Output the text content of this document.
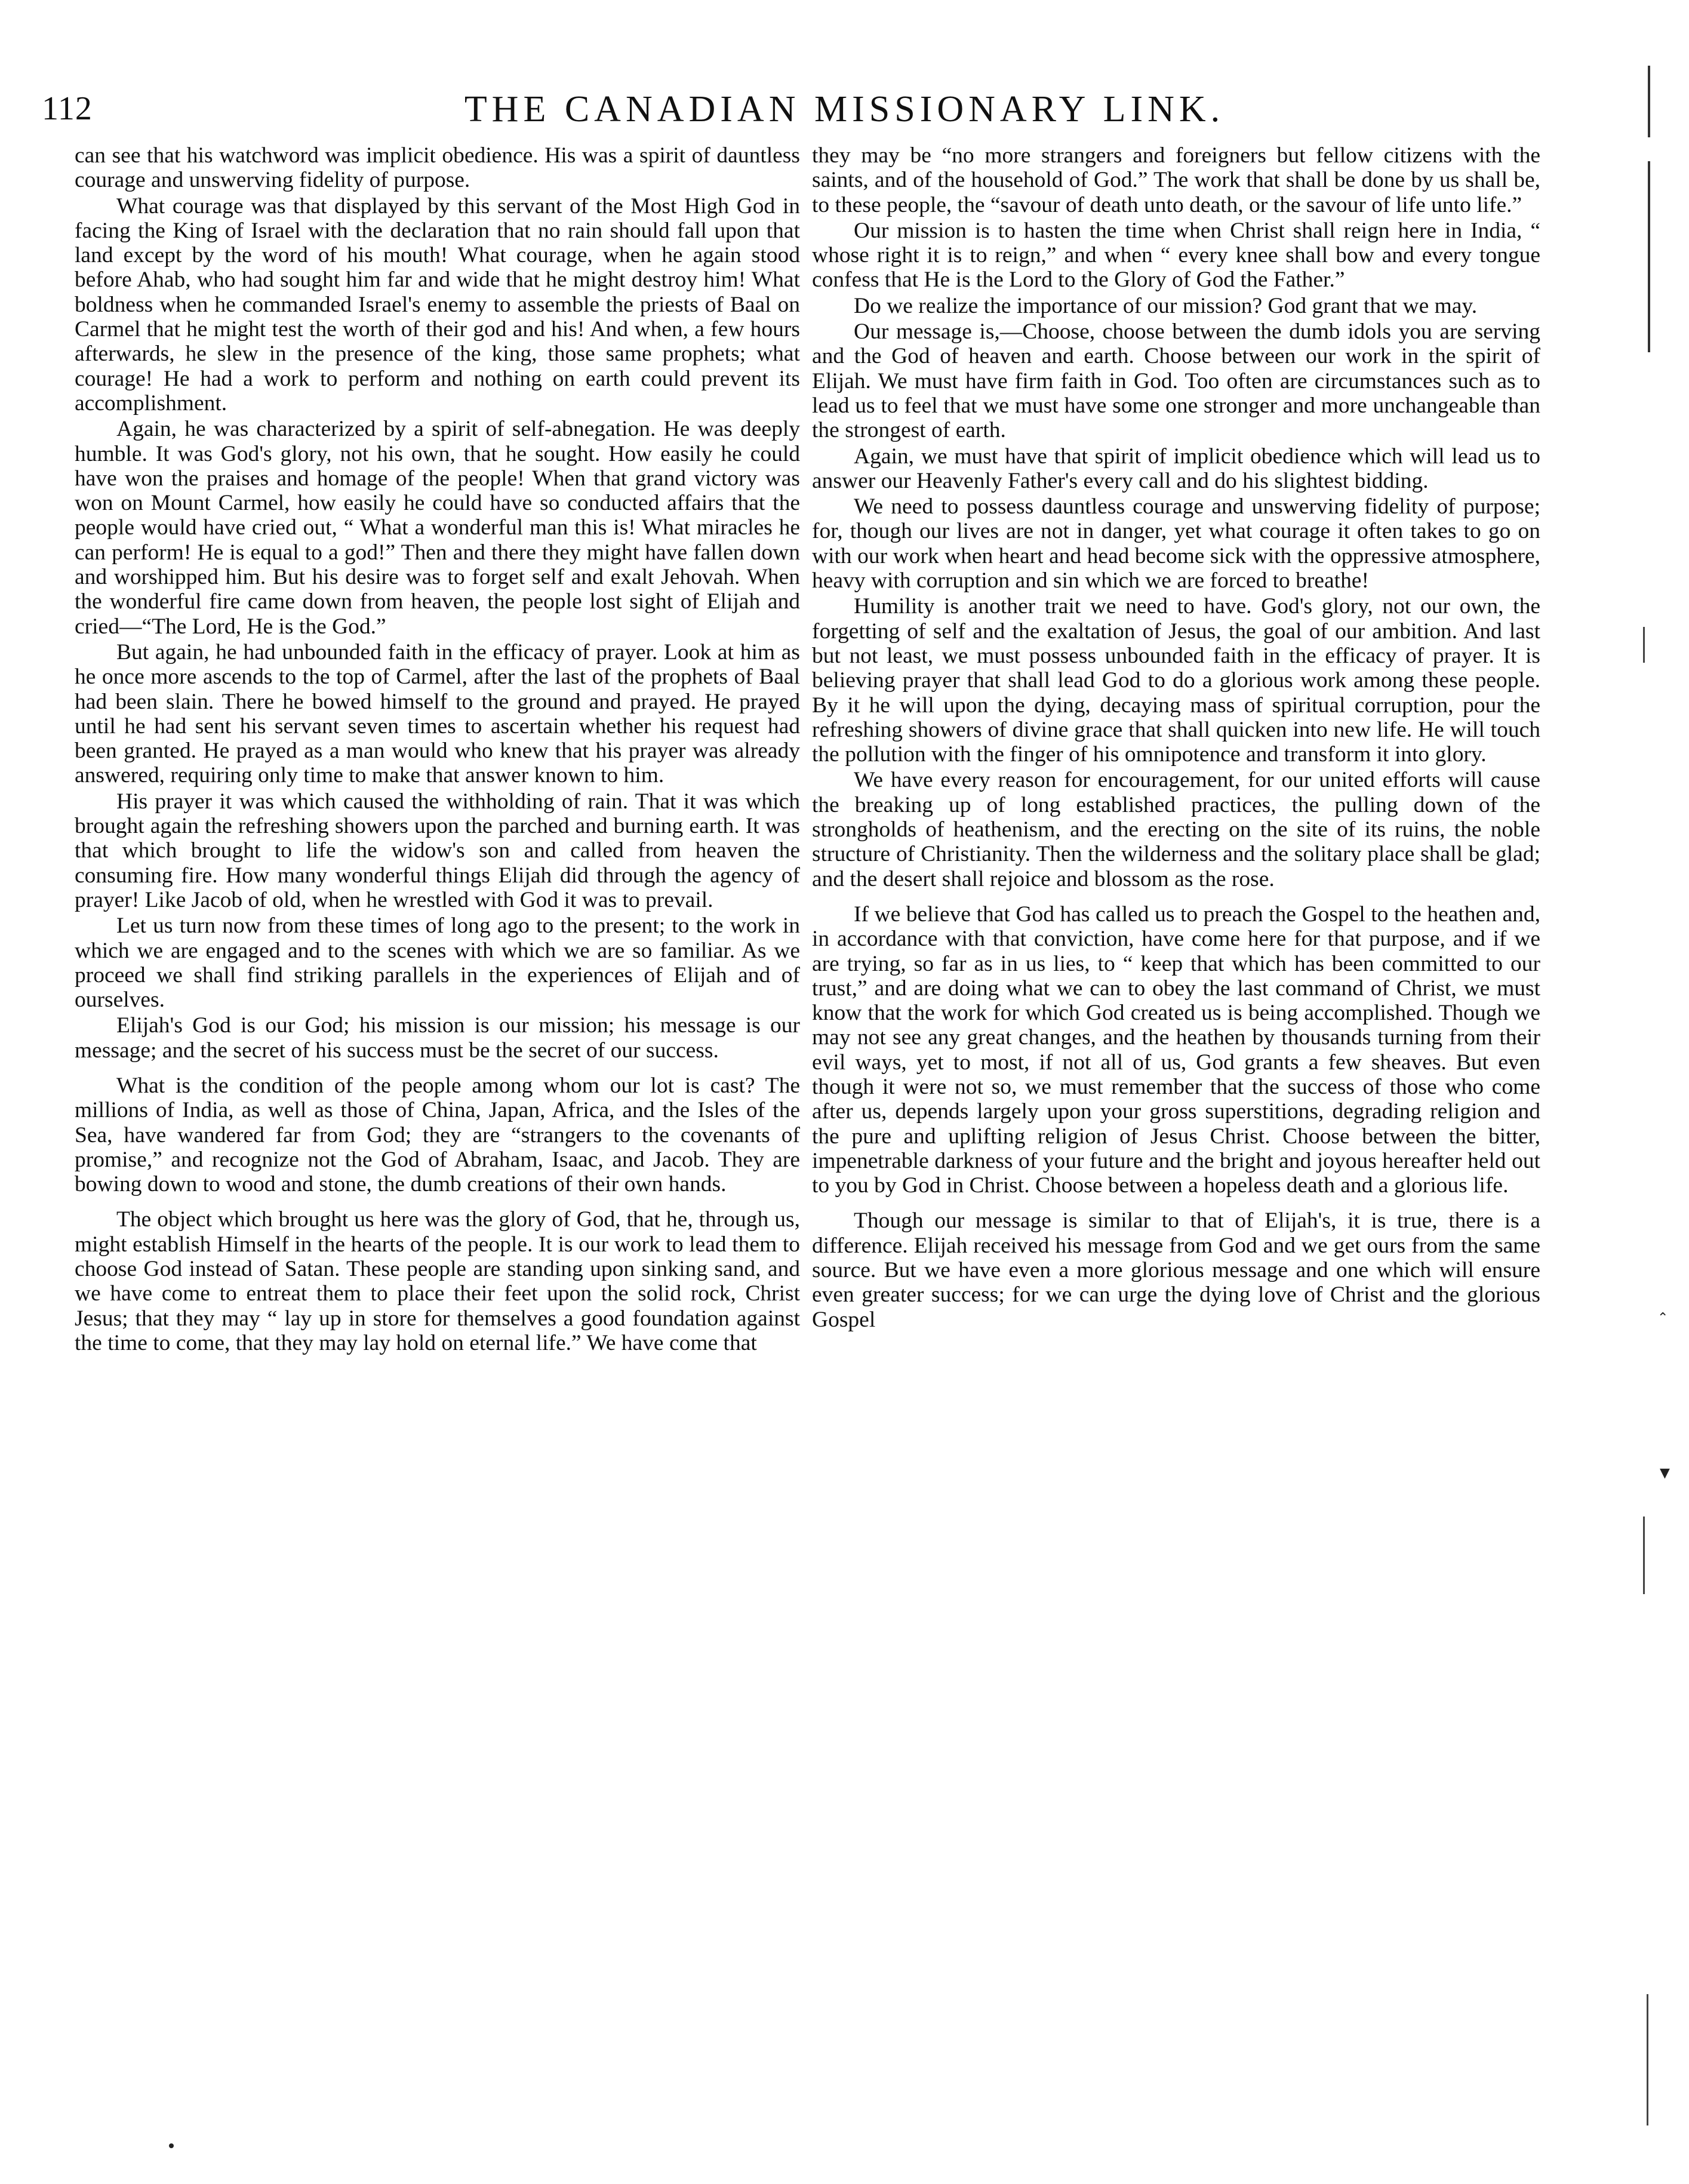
112	THE CANADIAN MISSIONARY LINK.

can see that his watchword was implicit obedience. His was a spirit of dauntless courage and unswerving fidelity of purpose.

What courage was that displayed by this servant of the Most High God in facing the King of Israel with the declaration that no rain should fall upon that land except by the word of his mouth! What courage, when he again stood before Ahab, who had sought him far and wide that he might destroy him! What boldness when he commanded Israel's enemy to assemble the priests of Baal on Carmel that he might test the worth of their god and his! And when, a few hours afterwards, he slew in the presence of the king, those same prophets; what courage! He had a work to perform and nothing on earth could prevent its accomplishment.

Again, he was characterized by a spirit of self-abnegation. He was deeply humble. It was God's glory, not his own, that he sought. How easily he could have won the praises and homage of the people! When that grand victory was won on Mount Carmel, how easily he could have so conducted affairs that the people would have cried out, “ What a wonderful man this is! What miracles he can perform! He is equal to a god!” Then and there they might have fallen down and worshipped him. But his desire was to forget self and exalt Jehovah. When the wonderful fire came down from heaven, the people lost sight of Elijah and cried—“The Lord, He is the God.”

But again, he had unbounded faith in the efficacy of prayer. Look at him as he once more ascends to the top of Carmel, after the last of the prophets of Baal had been slain. There he bowed himself to the ground and prayed. He prayed until he had sent his servant seven times to ascertain whether his request had been granted. He prayed as a man would who knew that his prayer was already answered, requiring only time to make that answer known to him.

His prayer it was which caused the withholding of rain. That it was which brought again the refreshing showers upon the parched and burning earth. It was that which brought to life the widow's son and called from heaven the consuming fire. How many wonderful things Elijah did through the agency of prayer! Like Jacob of old, when he wrestled with God it was to prevail.

Let us turn now from these times of long ago to the present; to the work in which we are engaged and to the scenes with which we are so familiar. As we proceed we shall find striking parallels in the experiences of Elijah and of ourselves.

Elijah's God is our God; his mission is our mission; his message is our message; and the secret of his success must be the secret of our success.

What is the condition of the people among whom our lot is cast? The millions of India, as well as those of China, Japan, Africa, and the Isles of the Sea, have wandered far from God; they are “strangers to the covenants of promise,” and recognize not the God of Abraham, Isaac, and Jacob. They are bowing down to wood and stone, the dumb creations of their own hands.

The object which brought us here was the glory of God, that he, through us, might establish Himself in the hearts of the people. It is our work to lead them to choose God instead of Satan. These people are standing upon sinking sand, and we have come to entreat them to place their feet upon the solid rock, Christ Jesus; that they may “ lay up in store for themselves a good foundation against the time to come, that they may lay hold on eternal life.” We have come that

they may be “no more strangers and foreigners but fellow citizens with the saints, and of the household of God.” The work that shall be done by us shall be, to these people, the “savour of death unto death, or the savour of life unto life.”

Our mission is to hasten the time when Christ shall reign here in India, “ whose right it is to reign,” and when “ every knee shall bow and every tongue confess that He is the Lord to the Glory of God the Father.”

Do we realize the importance of our mission? God grant that we may.

Our message is,—Choose, choose between the dumb idols you are serving and the God of heaven and earth. Choose between our work in the spirit of Elijah. We must have firm faith in God. Too often are circumstances such as to lead us to feel that we must have some one stronger and more unchangeable than the strongest of earth.

Again, we must have that spirit of implicit obedience which will lead us to answer our Heavenly Father's every call and do his slightest bidding.

We need to possess dauntless courage and unswerving fidelity of purpose; for, though our lives are not in danger, yet what courage it often takes to go on with our work when heart and head become sick with the oppressive atmosphere, heavy with corruption and sin which we are forced to breathe!

Humility is another trait we need to have. God's glory, not our own, the forgetting of self and the exaltation of Jesus, the goal of our ambition. And last but not least, we must possess unbounded faith in the efficacy of prayer. It is believing prayer that shall lead God to do a glorious work among these people. By it he will upon the dying, decaying mass of spiritual corruption, pour the refreshing showers of divine grace that shall quicken into new life. He will touch the pollution with the finger of his omnipotence and transform it into glory.

We have every reason for encouragement, for our united efforts will cause the breaking up of long established practices, the pulling down of the strongholds of heathenism, and the erecting on the site of its ruins, the noble structure of Christianity. Then the wilderness and the solitary place shall be glad; and the desert shall rejoice and blossom as the rose.

If we believe that God has called us to preach the Gospel to the heathen and, in accordance with that conviction, have come here for that purpose, and if we are trying, so far as in us lies, to “ keep that which has been committed to our trust,” and are doing what we can to obey the last command of Christ, we must know that the work for which God created us is being accomplished. Though we may not see any great changes, and the heathen by thousands turning from their evil ways, yet to most, if not all of us, God grants a few sheaves. But even though it were not so, we must remember that the success of those who come after us, depends largely upon your gross superstitions, degrading religion and the pure and uplifting religion of Jesus Christ. Choose between the bitter, impenetrable darkness of your future and the bright and joyous hereafter held out to you by God in Christ. Choose between a hopeless death and a glorious life.

Though our message is similar to that of Elijah's, it is true, there is a difference. Elijah received his message from God and we get ours from the same source. But we have even a more glorious message and one which will ensure even greater success; for we can urge the dying love of Christ and the glorious Gospel	⌃
▼
